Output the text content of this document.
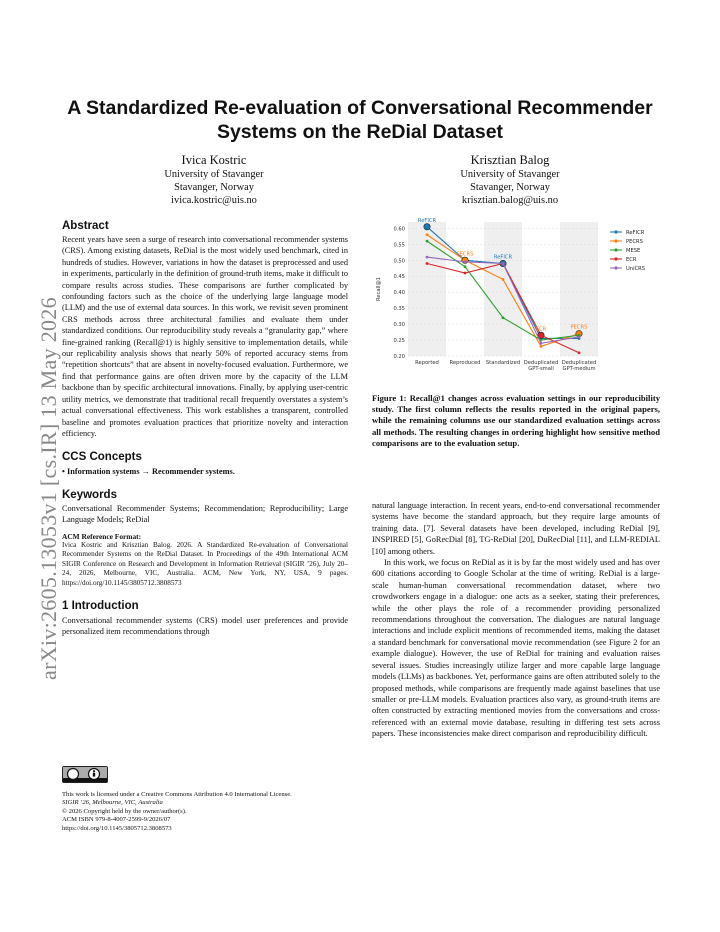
arXiv:2605.13053v1 [cs.IR] 13 May 2026
A Standardized Re-evaluation of Conversational Recommender Systems on the ReDial Dataset
Ivica Kostric
University of Stavanger
Stavanger, Norway
ivica.kostric@uis.no
Krisztian Balog
University of Stavanger
Stavanger, Norway
krisztian.balog@uis.no
Abstract
Recent years have seen a surge of research into conversational recommender systems (CRS). Among existing datasets, ReDial is the most widely used benchmark, cited in hundreds of studies. However, variations in how the dataset is preprocessed and used in experiments, particularly in the definition of ground-truth items, make it difficult to compare results across studies. These comparisons are further complicated by confounding factors such as the choice of the underlying large language model (LLM) and the use of external data sources. In this work, we revisit seven prominent CRS methods across three architectural families and evaluate them under standardized conditions. Our reproducibility study reveals a “granularity gap,” where fine-grained ranking (Recall@1) is highly sensitive to implementation details, while our replicability analysis shows that nearly 50% of reported accuracy stems from “repetition shortcuts” that are absent in novelty-focused evaluation. Furthermore, we find that performance gains are often driven more by the capacity of the LLM backbone than by specific architectural innovations. Finally, by applying user-centric utility metrics, we demonstrate that traditional recall frequently overstates a system’s actual conversational effectiveness. This work establishes a transparent, controlled baseline and promotes evaluation practices that prioritize novelty and interaction efficiency.
CCS Concepts
• Information systems → Recommender systems.
Keywords
Conversational Recommender Systems; Recommendation; Reproducibility; Large Language Models; ReDial
ACM Reference Format:
Ivica Kostric and Krisztian Balog. 2026. A Standardized Re-evaluation of Conversational Recommender Systems on the ReDial Dataset. In Proceedings of the 49th International ACM SIGIR Conference on Research and Development in Information Retrieval (SIGIR ’26), July 20–24, 2026, Melbourne, VIC, Australia. ACM, New York, NY, USA, 9 pages. https://doi.org/10.1145/3805712.3808573
1 Introduction
Conversational recommender systems (CRS) model user preferences and provide personalized item recommendations through
This work is licensed under a Creative Commons Attribution 4.0 International License.
SIGIR ’26, Melbourne, VIC, Australia
© 2026 Copyright held by the owner/author(s).
ACM ISBN 979-8-4007-2599-9/2026/07
https://doi.org/10.1145/3805712.3808573
0.20
0.25
0.30
0.35
0.40
0.45
0.50
0.55
0.60
Recall@1
Reported Reproduced Standardized Deduplicated
GPT-small
Deduplicated
GPT-medium
ReFICR
PECRS
ReFICR
ECR	PECRS
ReFICR
PECRS
MESE
ECR
UniCRS
Figure 1: Recall@1 changes across evaluation settings in our reproducibility study. The first column reflects the results reported in the original papers, while the remaining columns use our standardized evaluation settings across all methods. The resulting changes in ordering highlight how sensitive method comparisons are to the evaluation setup.
natural language interaction. In recent years, end-to-end conversational recommender systems have become the standard approach, but they require large amounts of training data. [7]. Several datasets have been developed, including ReDial [9], INSPIRED [5], GoRecDial [8], TG-ReDial [20], DuRecDial [11], and LLM-REDIAL [10] among others.
In this work, we focus on ReDial as it is by far the most widely used and has over 600 citations according to Google Scholar at the time of writing. ReDial is a large-scale human-human conversational recommendation dataset, where two crowdworkers engage in a dialogue: one acts as a seeker, stating their preferences, while the other plays the role of a recommender providing personalized recommendations throughout the conversation. The dialogues are natural language interactions and include explicit mentions of recommended items, making the dataset a standard benchmark for conversational movie recommendation (see Figure 2 for an example dialogue). However, the use of ReDial for training and evaluation raises several issues. Studies increasingly utilize larger and more capable large language models (LLMs) as backbones. Yet, performance gains are often attributed solely to the proposed methods, while comparisons are frequently made against baselines that use smaller or pre-LLM models. Evaluation practices also vary, as ground-truth items are often constructed by extracting mentioned movies from the conversations and cross-referenced with an external movie database, resulting in differing test sets across papers. These inconsistencies make direct comparison and reproducibility difficult.
